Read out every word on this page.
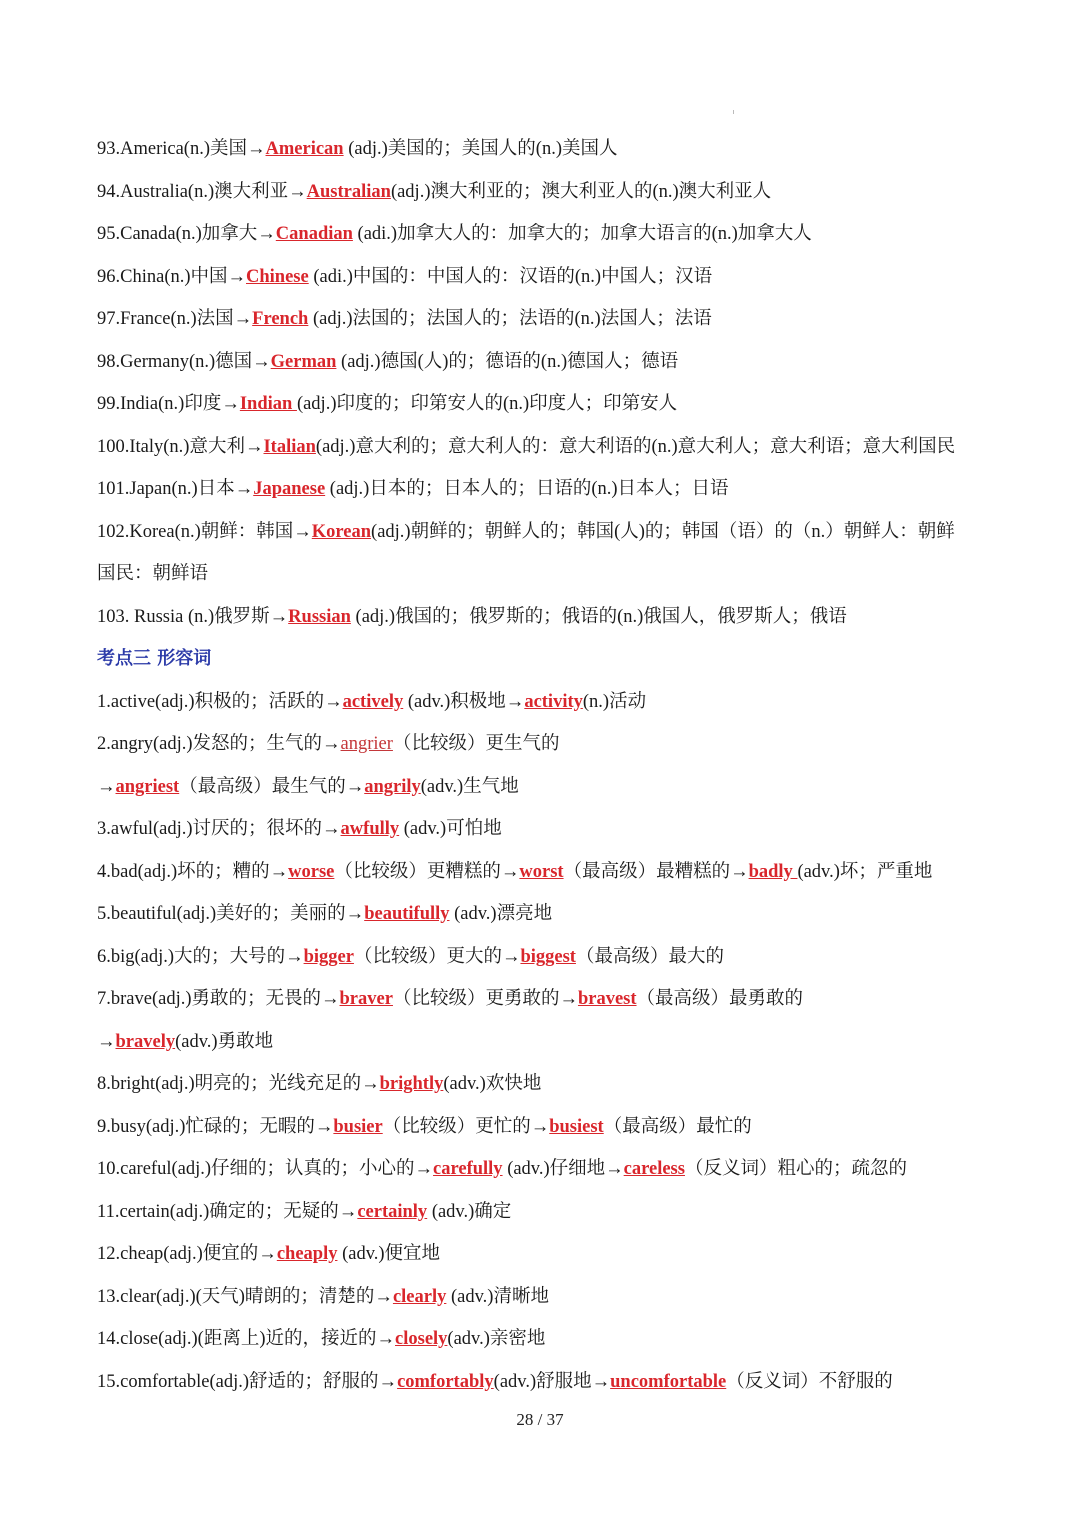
93.America(n.)美国→American (adj.)美国的；美国人的(n.)美国人
94.Australia(n.)澳大利亚→Australian(adj.)澳大利亚的；澳大利亚人的(n.)澳大利亚人
95.Canada(n.)加拿大→Canadian (adi.)加拿大人的：加拿大的；加拿大语言的(n.)加拿大人
96.China(n.)中国→Chinese (adi.)中国的：中国人的：汉语的(n.)中国人；汉语
97.France(n.)法国→French (adj.)法国的；法国人的；法语的(n.)法国人；法语
98.Germany(n.)德国→German (adj.)德国(人)的；德语的(n.)德国人；德语
99.India(n.)印度→Indian (adj.)印度的；印第安人的(n.)印度人；印第安人
100.Italy(n.)意大利→Italian(adj.)意大利的；意大利人的：意大利语的(n.)意大利人；意大利语；意大利国民
101.Japan(n.)日本→Japanese (adj.)日本的；日本人的；日语的(n.)日本人；日语
102.Korea(n.)朝鲜：韩国→Korean(adj.)朝鲜的；朝鲜人的；韩国(人)的；韩国（语）的（n.）朝鲜人：朝鲜
国民：朝鲜语
103. Russia (n.)俄罗斯→Russian (adj.)俄国的；俄罗斯的；俄语的(n.)俄国人，俄罗斯人；俄语
考点三 形容词
1.active(adj.)积极的；活跃的→actively (adv.)积极地→activity(n.)活动
2.angry(adj.)发怒的；生气的→angrier（比较级）更生气的
→angriest（最高级）最生气的→angrily(adv.)生气地
3.awful(adj.)讨厌的；很坏的→awfully (adv.)可怕地
4.bad(adj.)坏的；糟的→worse（比较级）更糟糕的→worst（最高级）最糟糕的→badly (adv.)坏；严重地
5.beautiful(adj.)美好的；美丽的→beautifully (adv.)漂亮地
6.big(adj.)大的；大号的→bigger（比较级）更大的→biggest（最高级）最大的
7.brave(adj.)勇敢的；无畏的→braver（比较级）更勇敢的→bravest（最高级）最勇敢的
→bravely(adv.)勇敢地
8.bright(adj.)明亮的；光线充足的→brightly(adv.)欢快地
9.busy(adj.)忙碌的；无暇的→busier（比较级）更忙的→busiest（最高级）最忙的
10.careful(adj.)仔细的；认真的；小心的→carefully (adv.)仔细地→careless（反义词）粗心的；疏忽的
11.certain(adj.)确定的；无疑的→certainly (adv.)确定
12.cheap(adj.)便宜的→cheaply (adv.)便宜地
13.clear(adj.)(天气)晴朗的；清楚的→clearly (adv.)清晰地
14.close(adj.)(距离上)近的，接近的→closely(adv.)亲密地
15.comfortable(adj.)舒适的；舒服的→comfortably(adv.)舒服地→uncomfortable（反义词）不舒服的
28 / 37
